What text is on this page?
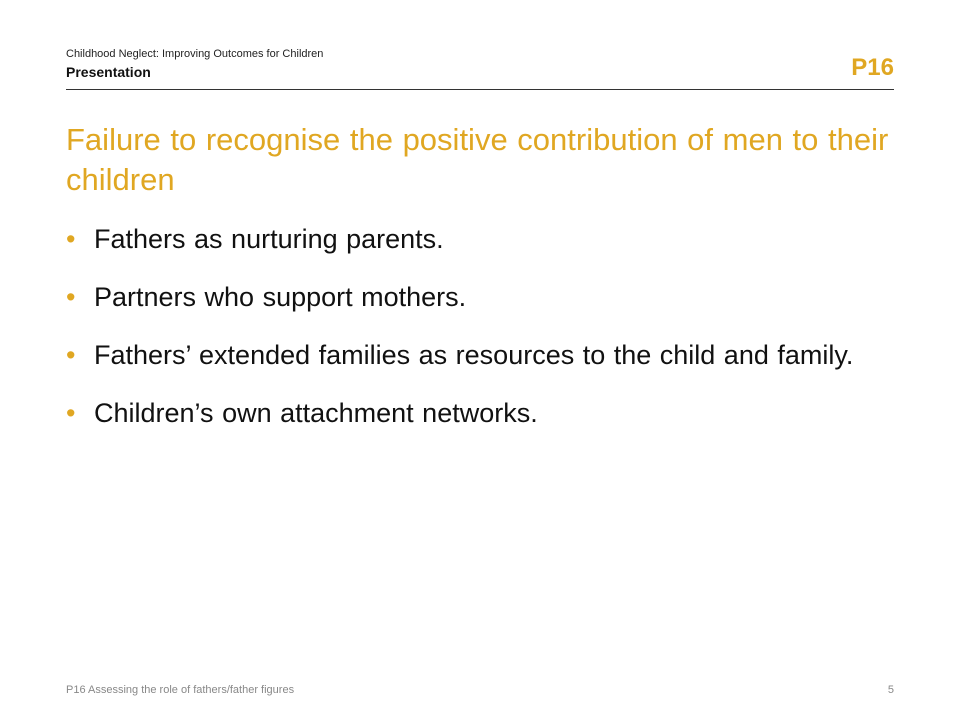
Childhood Neglect: Improving Outcomes for Children
Presentation	P16
Failure to recognise the positive contribution of men to their children
• Fathers as nurturing parents.
• Partners who support mothers.
• Fathers’ extended families as resources to the child and family.
• Children’s own attachment networks.
P16 Assessing the role of fathers/father figures	5
